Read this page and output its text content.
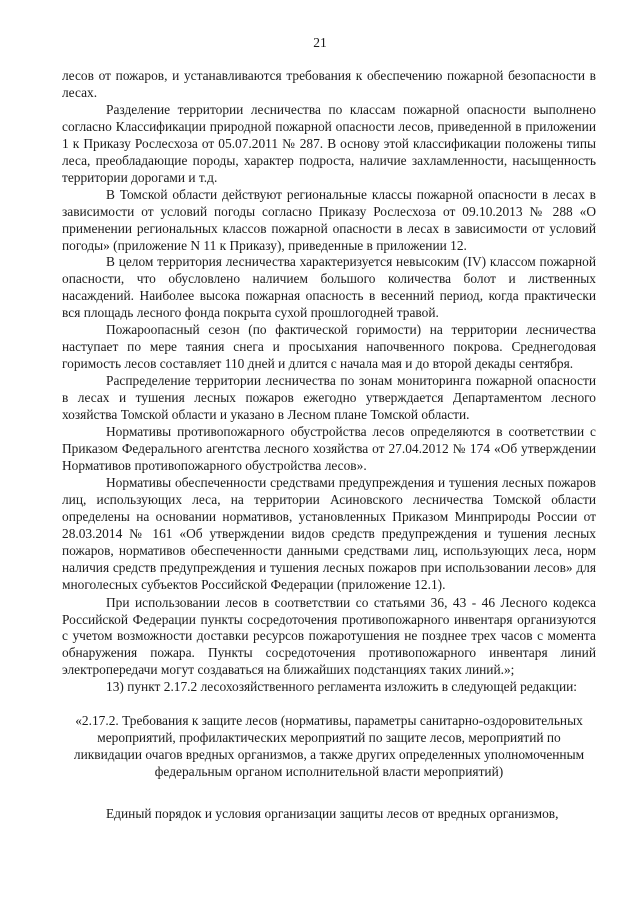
21

лесов от пожаров, и устанавливаются требования к обеспечению пожарной безопасности в лесах.

Разделение территории лесничества по классам пожарной опасности выполнено согласно Классификации природной пожарной опасности лесов, приведенной в приложении 1 к Приказу Рослесхоза от 05.07.2011 № 287. В основу этой классификации положены типы леса, преобладающие породы, характер подроста, наличие захламленности, насыщенность территории дорогами и т.д.

В Томской области действуют региональные классы пожарной опасности в лесах в зависимости от условий погоды согласно Приказу Рослесхоза от 09.10.2013 № 288 «О применении региональных классов пожарной опасности в лесах в зависимости от условий погоды» (приложение N 11 к Приказу), приведенные в приложении 12.

В целом территория лесничества характеризуется невысоким (IV) классом пожарной опасности, что обусловлено наличием большого количества болот и лиственных насаждений. Наиболее высока пожарная опасность в весенний период, когда практически вся площадь лесного фонда покрыта сухой прошлогодней травой.

Пожароопасный сезон (по фактической горимости) на территории лесничества наступает по мере таяния снега и просыхания напочвенного покрова. Среднегодовая горимость лесов составляет 110 дней и длится с начала мая и до второй декады сентября.

Распределение территории лесничества по зонам мониторинга пожарной опасности в лесах и тушения лесных пожаров ежегодно утверждается Департаментом лесного хозяйства Томской области и указано в Лесном плане Томской области.

Нормативы противопожарного обустройства лесов определяются в соответствии с Приказом Федерального агентства лесного хозяйства от 27.04.2012 № 174 «Об утверждении Нормативов противопожарного обустройства лесов».

Нормативы обеспеченности средствами предупреждения и тушения лесных пожаров лиц, использующих леса, на территории Асиновского лесничества Томской области определены на основании нормативов, установленных Приказом Минприроды России от 28.03.2014 № 161 «Об утверждении видов средств предупреждения и тушения лесных пожаров, нормативов обеспеченности данными средствами лиц, использующих леса, норм наличия средств предупреждения и тушения лесных пожаров при использовании лесов» для многолесных субъектов Российской Федерации (приложение 12.1).

При использовании лесов в соответствии со статьями 36, 43 - 46 Лесного кодекса Российской Федерации пункты сосредоточения противопожарного инвентаря организуются с учетом возможности доставки ресурсов пожаротушения не позднее трех часов с момента обнаружения пожара. Пункты сосредоточения противопожарного инвентаря линий электропередачи могут создаваться на ближайших подстанциях таких линий.»;

13) пункт 2.17.2 лесохозяйственного регламента изложить в следующей редакции:

«2.17.2. Требования к защите лесов (нормативы, параметры санитарно-оздоровительных мероприятий, профилактических мероприятий по защите лесов, мероприятий по ликвидации очагов вредных организмов, а также других определенных уполномоченным федеральным органом исполнительной власти мероприятий)

Единый порядок и условия организации защиты лесов от вредных организмов,
